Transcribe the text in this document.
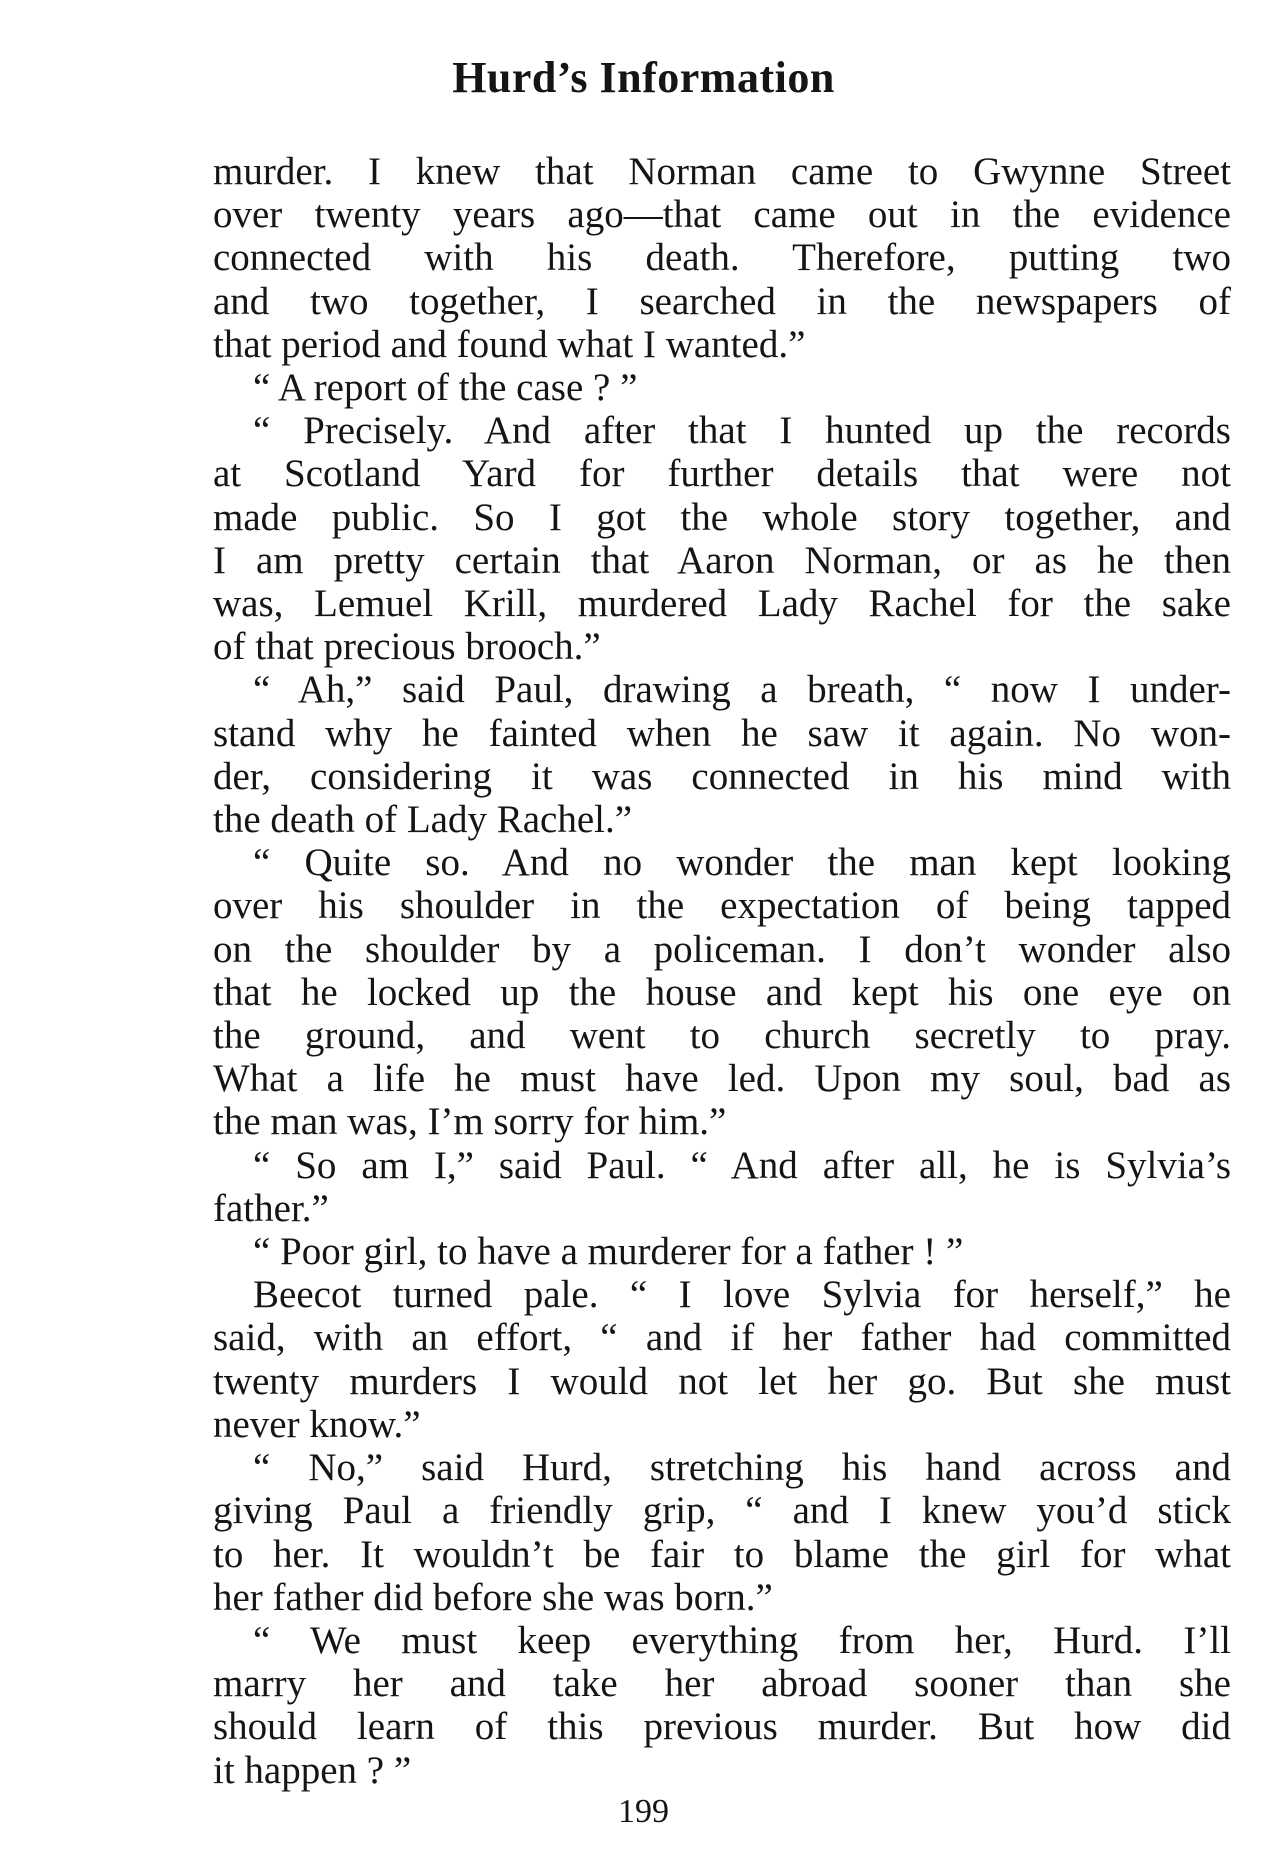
Hurd’s Information

murder. I knew that Norman came to Gwynne Street

over twenty years ago—that came out in the evidence

connected with his death. Therefore, putting two

and two together, I searched in the newspapers of

that period and found what I wanted.”

“ A report of the case ? ”

“ Precisely. And after that I hunted up the records

at Scotland Yard for further details that were not

made public. So I got the whole story together, and

I am pretty certain that Aaron Norman, or as he then

was, Lemuel Krill, murdered Lady Rachel for the sake

of that precious brooch.”

“ Ah,” said Paul, drawing a breath, “ now I under-

stand why he fainted when he saw it again. No won-

der, considering it was connected in his mind with

the death of Lady Rachel.”

“ Quite so. And no wonder the man kept looking

over his shoulder in the expectation of being tapped

on the shoulder by a policeman. I don’t wonder also

that he locked up the house and kept his one eye on

the ground, and went to church secretly to pray.

What a life he must have led. Upon my soul, bad as

the man was, I’m sorry for him.”

“ So am I,” said Paul. “ And after all, he is Sylvia’s

father.”

“ Poor girl, to have a murderer for a father ! ”

Beecot turned pale. “ I love Sylvia for herself,” he

said, with an effort, “ and if her father had committed

twenty murders I would not let her go. But she must

never know.”

“ No,” said Hurd, stretching his hand across and

giving Paul a friendly grip, “ and I knew you’d stick

to her. It wouldn’t be fair to blame the girl for what

her father did before she was born.”

“ We must keep everything from her, Hurd. I’ll

marry her and take her abroad sooner than she

should learn of this previous murder. But how did

it happen ? ”

199
